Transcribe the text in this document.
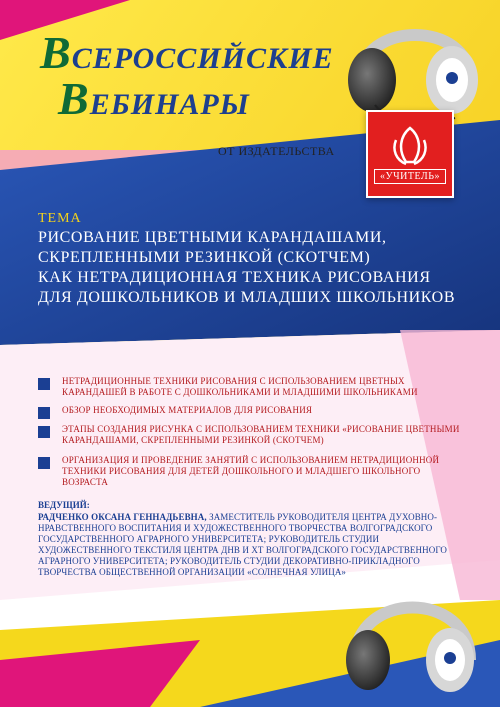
ВСЕРОССИЙСКИЕ
ВЕБИНАРЫ
ОТ ИЗДАТЕЛЬСТВА
«УЧИТЕЛЬ»
ТЕМА
РИСОВАНИЕ ЦВЕТНЫМИ КАРАНДАШАМИ,
СКРЕПЛЕННЫМИ РЕЗИНКОЙ (СКОТЧЕМ)
КАК НЕТРАДИЦИОННАЯ ТЕХНИКА РИСОВАНИЯ
ДЛЯ ДОШКОЛЬНИКОВ И МЛАДШИХ ШКОЛЬНИКОВ
НЕТРАДИЦИОННЫЕ ТЕХНИКИ РИСОВАНИЯ С ИСПОЛЬЗОВАНИЕМ ЦВЕТНЫХ КАРАНДАШЕЙ В РАБОТЕ С ДОШКОЛЬНИКАМИ И МЛАДШИМИ ШКОЛЬНИКАМИ
ОБЗОР НЕОБХОДИМЫХ МАТЕРИАЛОВ ДЛЯ РИСОВАНИЯ
ЭТАПЫ СОЗДАНИЯ РИСУНКА С ИСПОЛЬЗОВАНИЕМ ТЕХНИКИ «РИСОВАНИЕ ЦВЕТНЫМИ КАРАНДАШАМИ, СКРЕПЛЕННЫМИ РЕЗИНКОЙ (СКОТЧЕМ)
ОРГАНИЗАЦИЯ И ПРОВЕДЕНИЕ ЗАНЯТИЙ С ИСПОЛЬЗОВАНИЕМ НЕТРАДИЦИОННОЙ ТЕХНИКИ РИСОВАНИЯ ДЛЯ ДЕТЕЙ ДОШКОЛЬНОГО И МЛАДШЕГО ШКОЛЬНОГО ВОЗРАСТА
ВЕДУЩИЙ:
РАДЧЕНКО ОКСАНА ГЕННАДЬЕВНА, ЗАМЕСТИТЕЛЬ РУКОВОДИТЕЛЯ ЦЕНТРА ДУХОВНО-НРАВСТВЕННОГО ВОСПИТАНИЯ И ХУДОЖЕСТВЕННОГО ТВОРЧЕСТВА ВОЛГОГРАДСКОГО ГОСУДАРСТВЕННОГО АГРАРНОГО УНИВЕРСИТЕТА; РУКОВОДИТЕЛЬ СТУДИИ ХУДОЖЕСТВЕННОГО ТЕКСТИЛЯ ЦЕНТРА ДНВ И ХТ ВОЛГОГРАДСКОГО ГОСУДАРСТВЕННОГО АГРАРНОГО УНИВЕРСИТЕТА; РУКОВОДИТЕЛЬ СТУДИИ ДЕКОРАТИВНО-ПРИКЛАДНОГО ТВОРЧЕСТВА ОБЩЕСТВЕННОЙ ОРГАНИЗАЦИИ «СОЛНЕЧНАЯ УЛИЦА»
